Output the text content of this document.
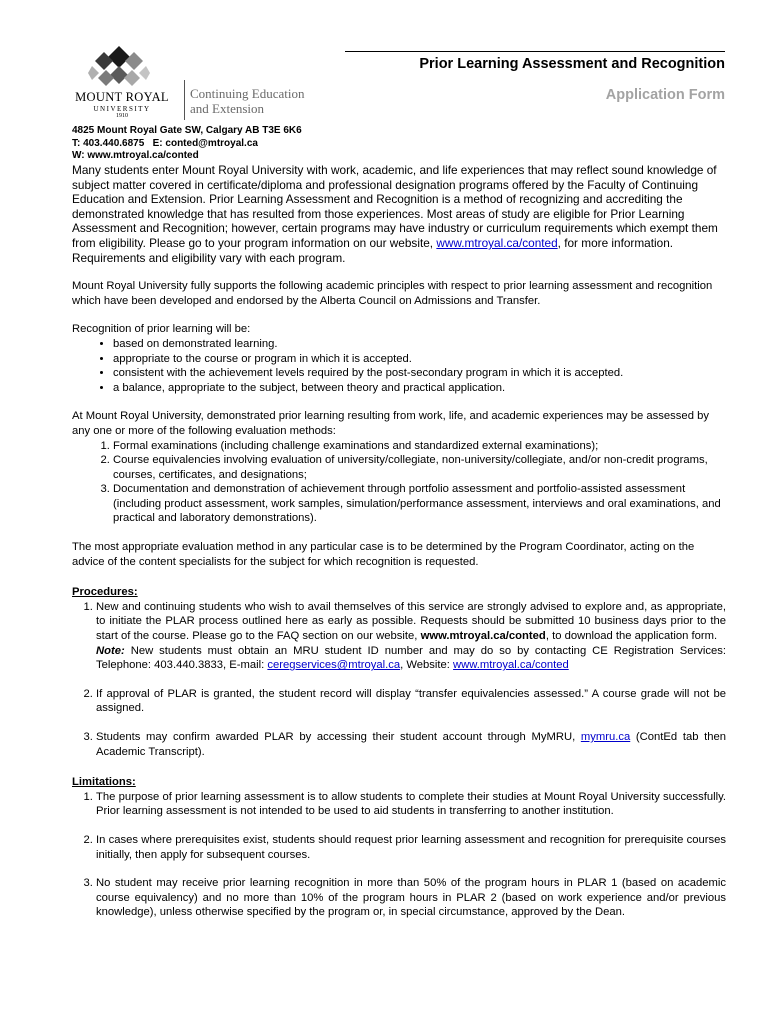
MOUNT ROYAL
UNIVERSITY
1910
Continuing Education
and Extension
Prior Learning Assessment and Recognition
Application Form
4825 Mount Royal Gate SW, Calgary AB T3E 6K6
T: 403.440.6875 E: conted@mtroyal.ca
W: www.mtroyal.ca/conted

Many students enter Mount Royal University with work, academic, and life experiences that may reflect sound knowledge of subject matter covered in certificate/diploma and professional designation programs offered by the Faculty of Continuing Education and Extension. Prior Learning Assessment and Recognition is a method of recognizing and accrediting the demonstrated knowledge that has resulted from those experiences. Most areas of study are eligible for Prior Learning Assessment and Recognition; however, certain programs may have industry or curriculum requirements which exempt them from eligibility. Please go to your program information on our website, www.mtroyal.ca/conted, for more information. Requirements and eligibility vary with each program.

Mount Royal University fully supports the following academic principles with respect to prior learning assessment and recognition which have been developed and endorsed by the Alberta Council on Admissions and Transfer.

Recognition of prior learning will be:

• based on demonstrated learning.
• appropriate to the course or program in which it is accepted.
• consistent with the achievement levels required by the post-secondary program in which it is accepted.
• a balance, appropriate to the subject, between theory and practical application.

At Mount Royal University, demonstrated prior learning resulting from work, life, and academic experiences may be assessed by any one or more of the following evaluation methods:

1. Formal examinations (including challenge examinations and standardized external examinations);
2. Course equivalencies involving evaluation of university/collegiate, non-university/collegiate, and/or non-credit programs, courses, certificates, and designations;
3. Documentation and demonstration of achievement through portfolio assessment and portfolio-assisted assessment (including product assessment, work samples, simulation/performance assessment, interviews and oral examinations, and practical and laboratory demonstrations).

The most appropriate evaluation method in any particular case is to be determined by the Program Coordinator, acting on the advice of the content specialists for the subject for which recognition is requested.

Procedures:
1. New and continuing students who wish to avail themselves of this service are strongly advised to explore and, as appropriate, to initiate the PLAR process outlined here as early as possible. Requests should be submitted 10 business days prior to the start of the course. Please go to the FAQ section on our website, www.mtroyal.ca/conted, to download the application form.
Note: New students must obtain an MRU student ID number and may do so by contacting CE Registration Services: Telephone: 403.440.3833, E-mail: ceregservices@mtroyal.ca, Website: www.mtroyal.ca/conted
2. If approval of PLAR is granted, the student record will display “transfer equivalencies assessed.” A course grade will not be assigned.
3. Students may confirm awarded PLAR by accessing their student account through MyMRU, mymru.ca (ContEd tab then Academic Transcript).
Limitations:
1. The purpose of prior learning assessment is to allow students to complete their studies at Mount Royal University successfully. Prior learning assessment is not intended to be used to aid students in transferring to another institution.
2. In cases where prerequisites exist, students should request prior learning assessment and recognition for prerequisite courses initially, then apply for subsequent courses.
3. No student may receive prior learning recognition in more than 50% of the program hours in PLAR 1 (based on academic course equivalency) and no more than 10% of the program hours in PLAR 2 (based on work experience and/or previous knowledge), unless otherwise specified by the program or, in special circumstance, approved by the Dean.
